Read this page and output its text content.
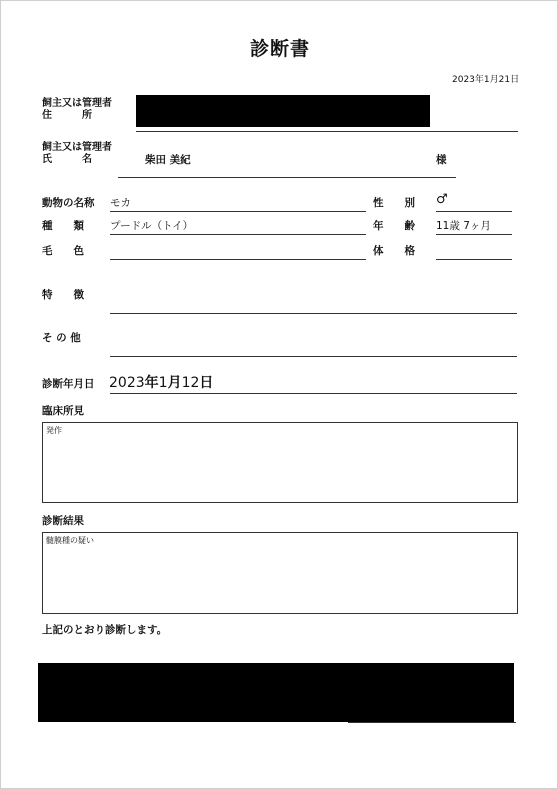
診断書
2023年1月21日
飼主又は管理者
住　　　所
飼主又は管理者
氏　　　名	柴田 美紀	様
動物の名称 モカ	性　　別 ♂
種　　類 プードル（トイ）	年　　齢 11歳 7ヶ月
毛　　色	体　　格
特　　徴
そ の 他
診断年月日 2023年1月12日
臨床所見
発作
診断結果
髄膜種の疑い
上記のとおり診断します。
